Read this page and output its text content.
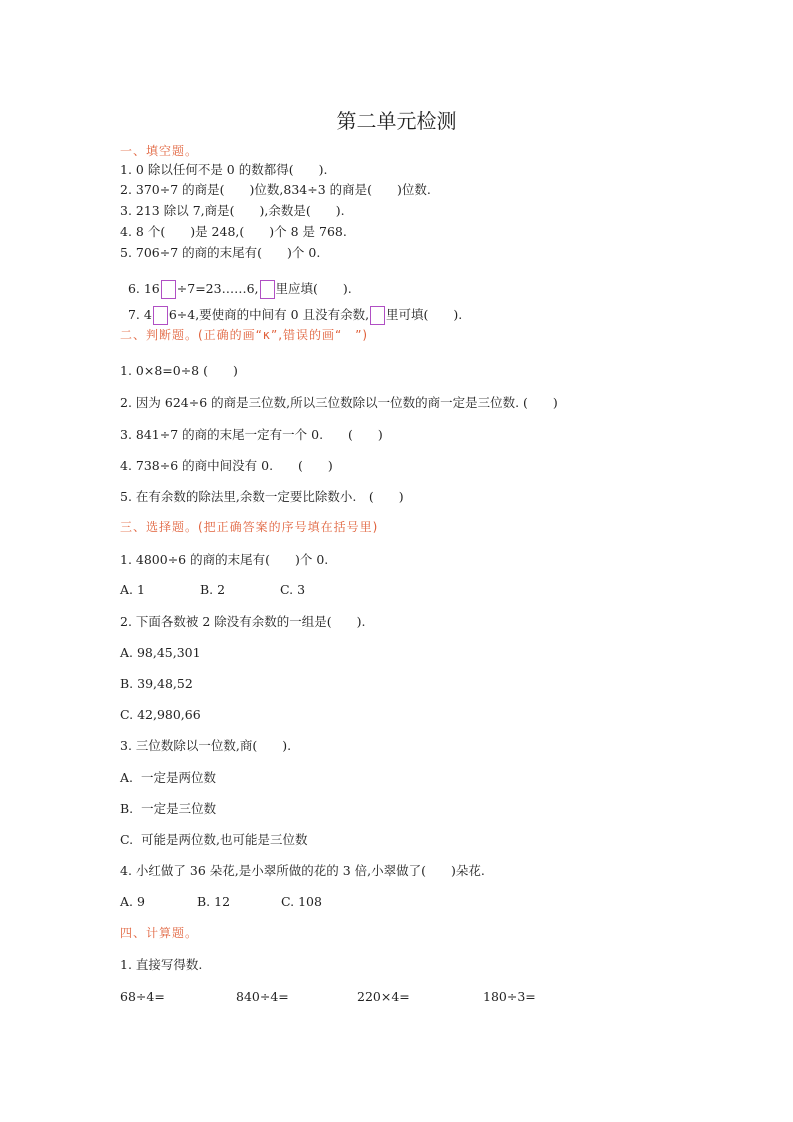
第二单元检测
一、填空题。
1. 0 除以任何不是 0 的数都得(　　).
2. 370÷7 的商是(　　)位数,834÷3 的商是(　　)位数.
3. 213 除以 7,商是(　　),余数是(　　).
4. 8 个(　　)是 248,(　　)个 8 是 768.
5. 706÷7 的商的末尾有(　　)个 0.

6. 16 ÷7=23……6, 里应填(　　).

7. 4 6÷4,要使商的中间有 0 且没有余数, 里可填(　　).

二、判断题。(正确的画“κ”,错误的画“　”)
1. 0×8=0÷8 (　　)
2. 因为 624÷6 的商是三位数,所以三位数除以一位数的商一定是三位数. (　　)
3. 841÷7 的商的末尾一定有一个 0.　　(　　)
4. 738÷6 的商中间没有 0.　　(　　)
5. 在有余数的除法里,余数一定要比除数小.　(　　)
三、选择题。(把正确答案的序号填在括号里)
1. 4800÷6 的商的末尾有(　　)个 0.
A. 1	B. 2	C. 3
2. 下面各数被 2 除没有余数的一组是(　　).
A. 98,45,301
B. 39,48,52
C. 42,980,66
3. 三位数除以一位数,商(　　).
A.  一定是两位数
B.  一定是三位数
C.  可能是两位数,也可能是三位数
4. 小红做了 36 朵花,是小翠所做的花的 3 倍,小翠做了(　　)朵花.
A. 9	B. 12	C. 108
四、计算题。
1. 直接写得数.
68÷4=	840÷4=	220×4=	180÷3=
